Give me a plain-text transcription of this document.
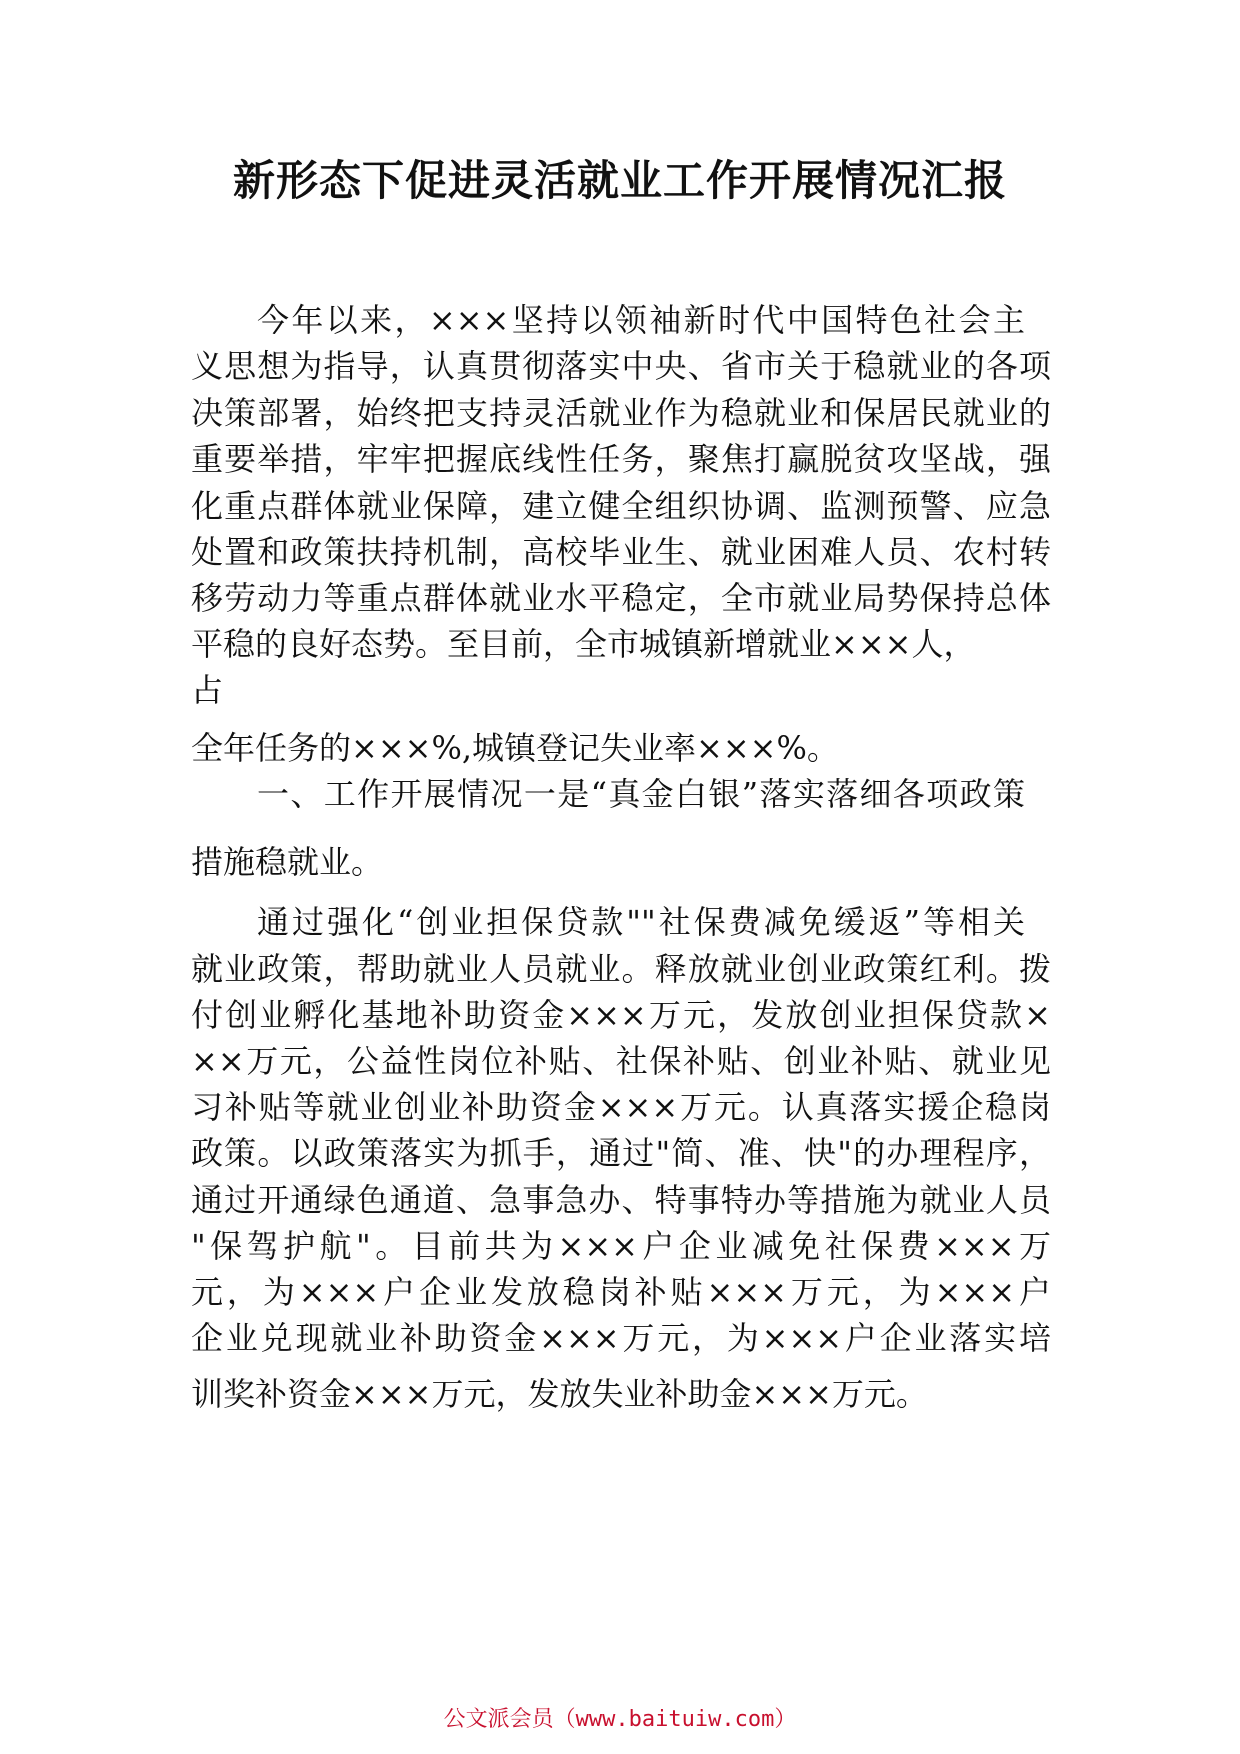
新形态下促进灵活就业工作开展情况汇报

今年以来，×××坚持以领袖新时代中国特色社会主

义思想为指导，认真贯彻落实中央、省市关于稳就业的各项

决策部署，始终把支持灵活就业作为稳就业和保居民就业的

重要举措，牢牢把握底线性任务，聚焦打赢脱贫攻坚战，强

化重点群体就业保障，建立健全组织协调、监测预警、应急

处置和政策扶持机制，高校毕业生、就业困难人员、农村转

移劳动力等重点群体就业水平稳定，全市就业局势保持总体

平稳的良好态势。至目前，全市城镇新增就业×××人，

占

全年任务的×××%,城镇登记失业率×××%。

一、工作开展情况一是“真金白银”落实落细各项政策

措施稳就业。

通过强化“创业担保贷款""社保费减免缓返”等相关

就业政策，帮助就业人员就业。释放就业创业政策红利。拨

付创业孵化基地补助资金×××万元，发放创业担保贷款×

××万元，公益性岗位补贴、社保补贴、创业补贴、就业见

习补贴等就业创业补助资金×××万元。认真落实援企稳岗

政策。以政策落实为抓手，通过"简、准、快"的办理程序，

通过开通绿色通道、急事急办、特事特办等措施为就业人员

"保驾护航"。目前共为×××户企业减免社保费×××万

元，为×××户企业发放稳岗补贴×××万元，为×××户

企业兑现就业补助资金×××万元，为×××户企业落实培

训奖补资金×××万元，发放失业补助金×××万元。

公文派会员（www.baituiw.com）
